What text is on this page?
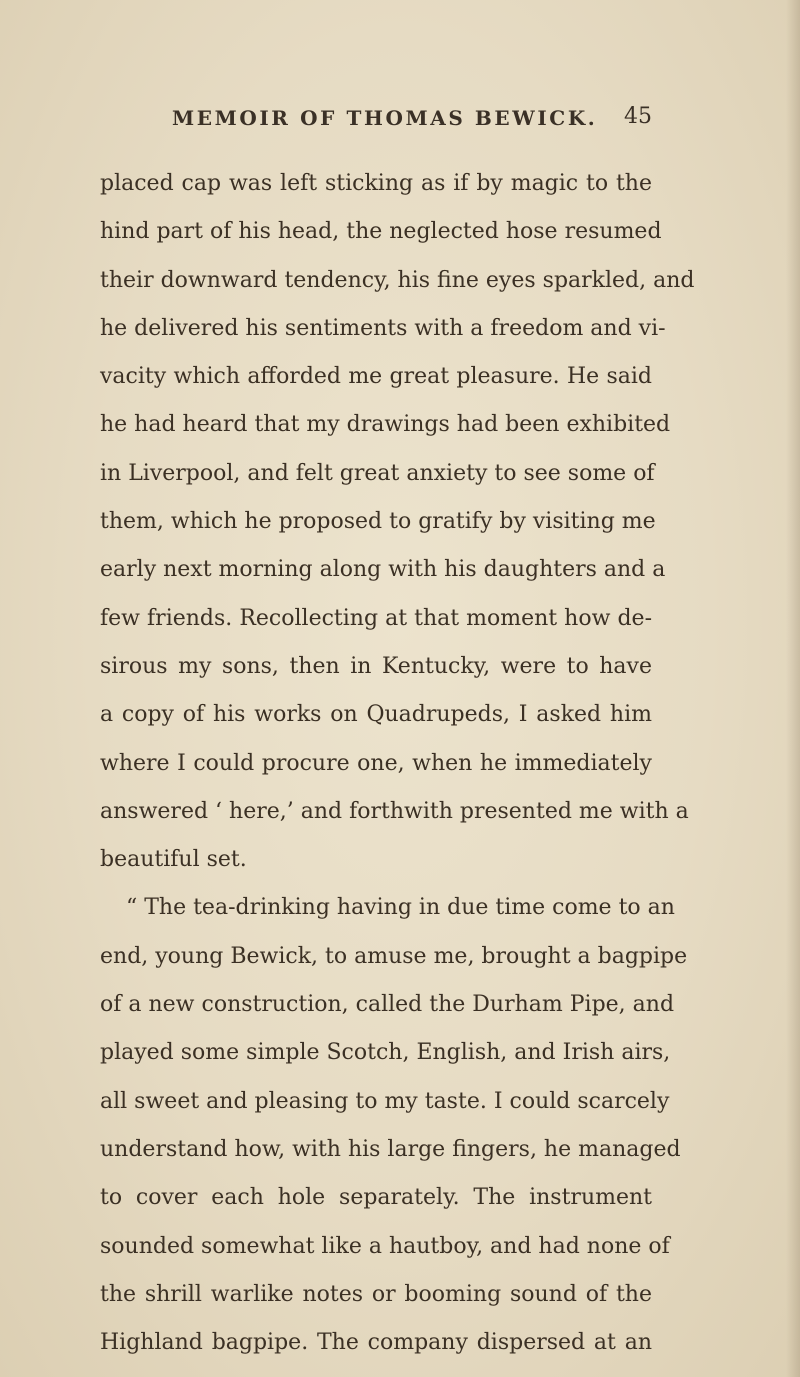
MEMOIR OF THOMAS BEWICK. 45
placed cap was left sticking as if by magic to the
hind part of his head, the neglected hose resumed
their downward tendency, his fine eyes sparkled, and
he delivered his sentiments with a freedom and vi-
vacity which afforded me great pleasure. He said
he had heard that my drawings had been exhibited
in Liverpool, and felt great anxiety to see some of
them, which he proposed to gratify by visiting me
early next morning along with his daughters and a
few friends. Recollecting at that moment how de-
sirous my sons, then in Kentucky, were to have
a copy of his works on Quadrupeds, I asked him
where I could procure one, when he immediately
answered ‘ here,’ and forthwith presented me with a
beautiful set.
“ The tea-drinking having in due time come to an
end, young Bewick, to amuse me, brought a bagpipe
of a new construction, called the Durham Pipe, and
played some simple Scotch, English, and Irish airs,
all sweet and pleasing to my taste. I could scarcely
understand how, with his large fingers, he managed
to cover each hole separately. The instrument
sounded somewhat like a hautboy, and had none of
the shrill warlike notes or booming sound of the
Highland bagpipe. The company dispersed at an
